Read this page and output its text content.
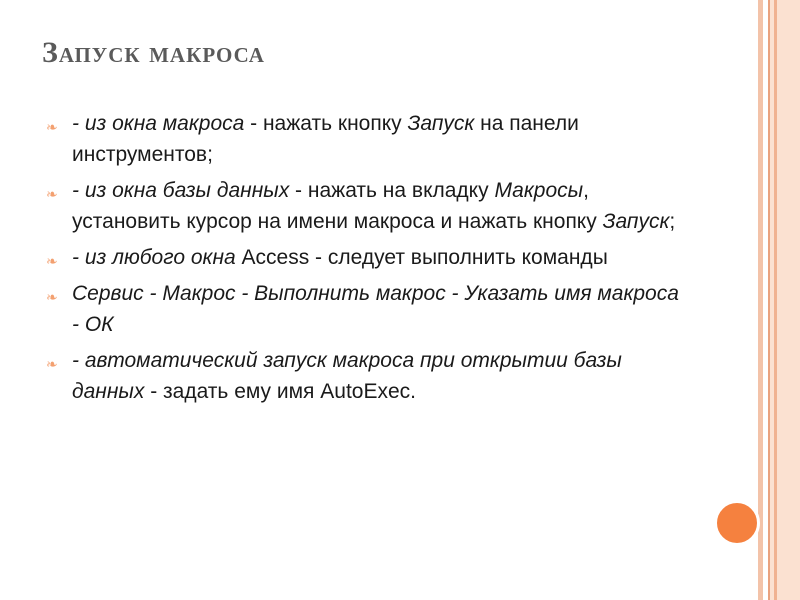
Запуск макроса
❧ - из окна макроса - нажать кнопку Запуск на панели инструментов;
❧ - из окна базы данных - нажать на вкладку Макросы, установить курсор на имени макроса и нажать кнопку Запуск;
❧ - из любого окна Access - следует выполнить команды
❧ Сервис - Макрос - Выполнить макрос - Указать имя макроса - ОК
❧ - автоматический запуск макроса при открытии базы данных - задать ему имя AutoExec.
